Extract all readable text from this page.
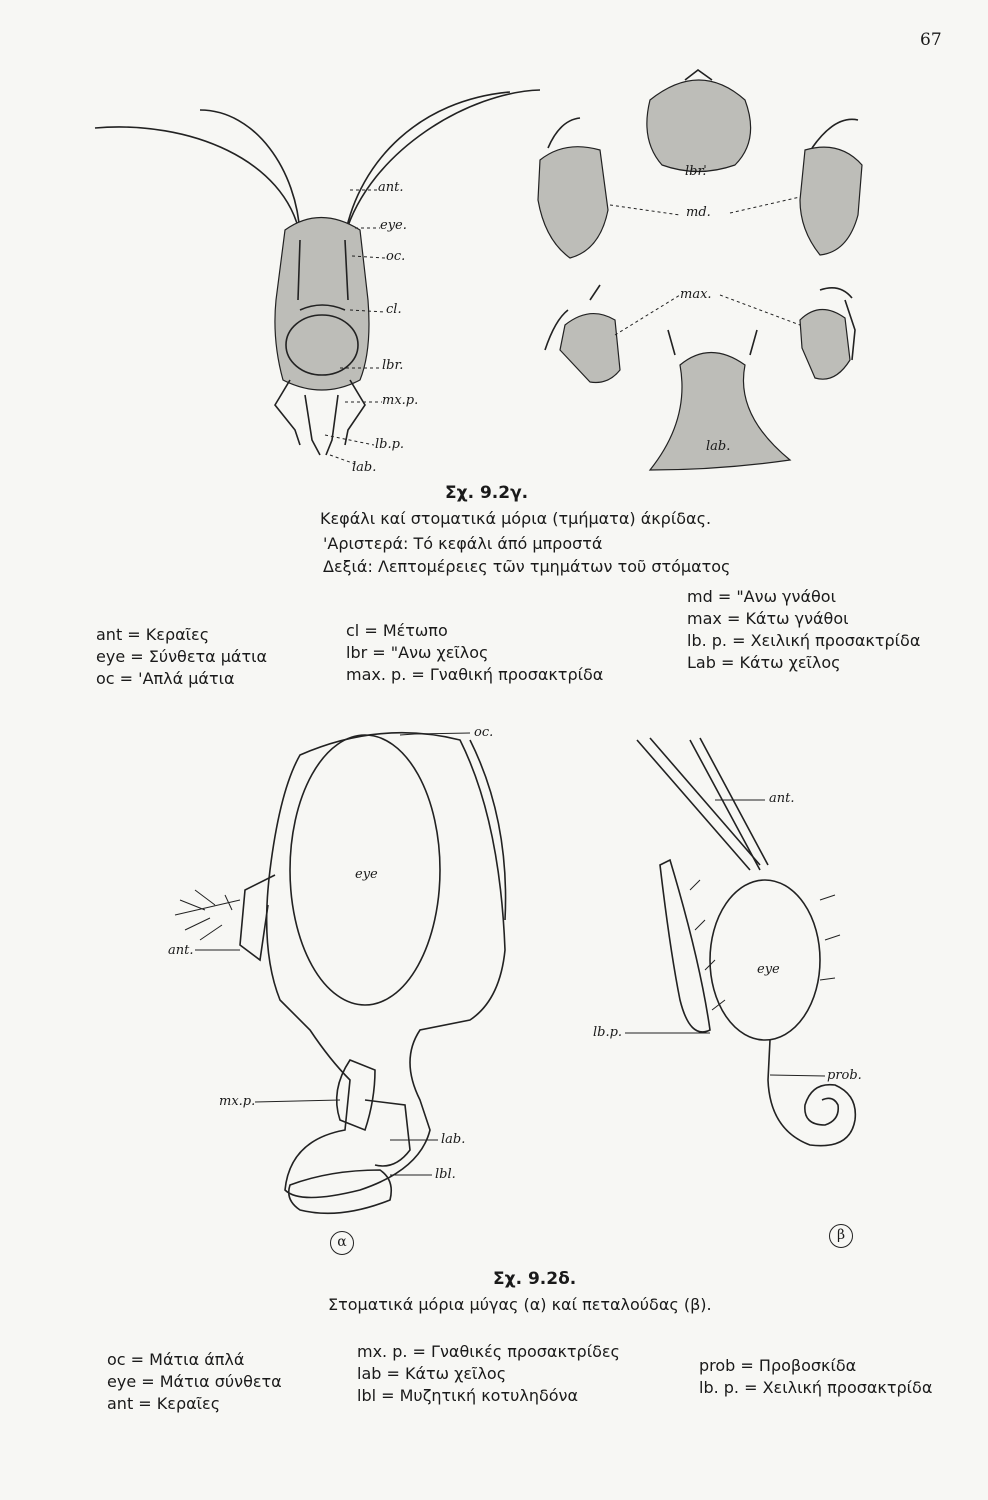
67
ant.
eye.
oc.
cl.
lbr.
mx.p.
lb.p.
lab.
lbr.
md.
max.
lab.
Σχ. 9.2γ.
Κεφάλι καί στοματικά μόρια (τμήματα) άκρίδας.
'Αριστερά: Τό κεφάλι άπό μπροστά
Δεξιά: Λεπτομέρειες τῶν τμημάτων τοῦ στόματος
ant = Κεραῖες
eye = Σύνθετα μάτια
oc = 'Απλά μάτια
cl = Μέτωπο
lbr = "Ανω χεῖλος
max. p. = Γναθική προσακτρίδα
md = "Ανω γνάθοι
max = Κάτω γνάθοι
lb. p. = Χειλική προσακτρίδα
Lab = Κάτω χεῖλος
oc.
eye
ant.
mx.p.
lab.
lbl.
ant.
eye
lb.p.
prob.
α	β
Σχ. 9.2δ.
Στοματικά μόρια μύγας (α) καί πεταλούδας (β).
oc = Μάτια άπλά
eye = Μάτια σύνθετα
ant = Κεραῖες
mx. p. = Γναθικές προσακτρίδες
lab = Κάτω χεῖλος
lbl = Μυζητική κοτυληδόνα
prob = Προβοσκίδα
lb. p. = Χειλική προσακτρίδα
